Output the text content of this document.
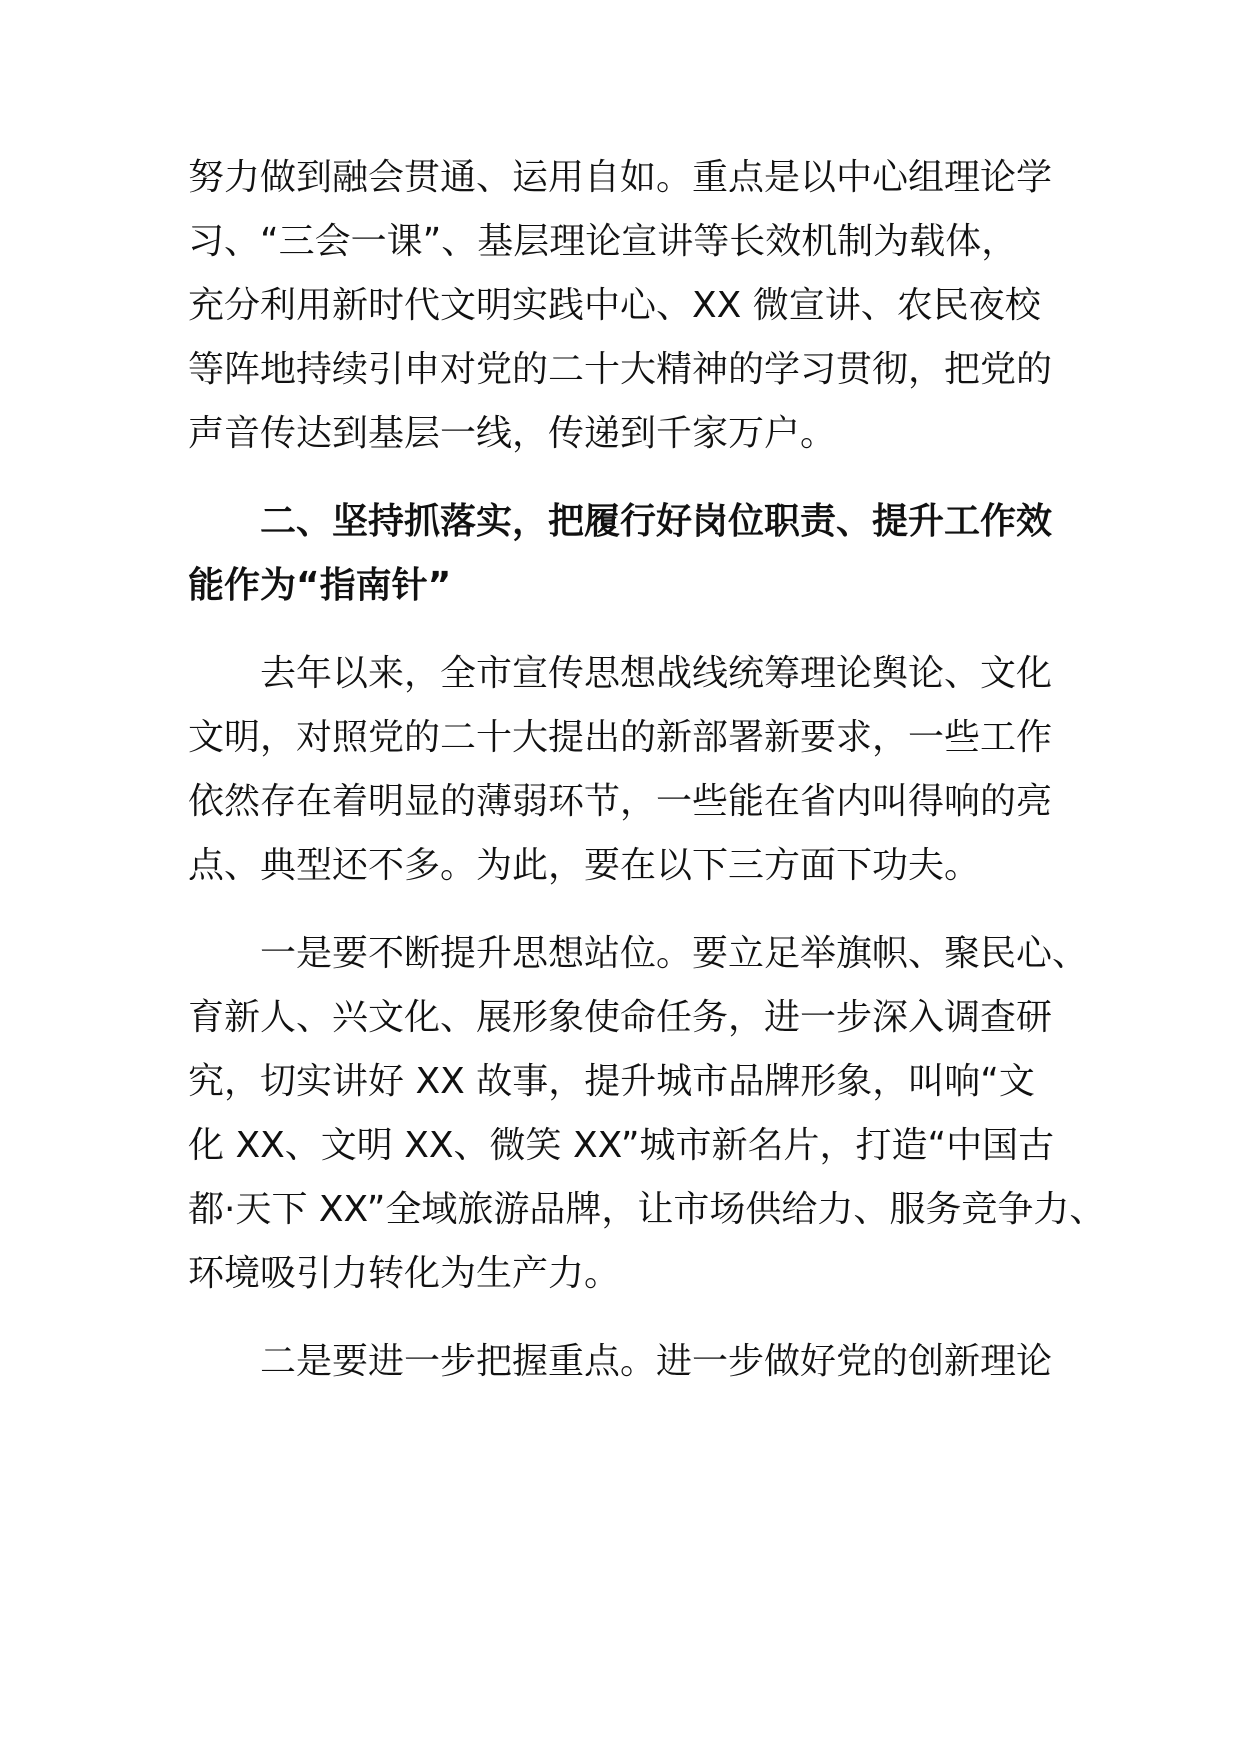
努力做到融会贯通、运用自如。重点是以中心组理论学
习、“三会一课”、基层理论宣讲等长效机制为载体，
充分利用新时代文明实践中心、XX 微宣讲、农民夜校
等阵地持续引申对党的二十大精神的学习贯彻，把党的
声音传达到基层一线，传递到千家万户。
二、坚持抓落实，把履行好岗位职责、提升工作效
能作为“指南针”
去年以来，全市宣传思想战线统筹理论舆论、文化
文明，对照党的二十大提出的新部署新要求，一些工作
依然存在着明显的薄弱环节，一些能在省内叫得响的亮
点、典型还不多。为此，要在以下三方面下功夫。
一是要不断提升思想站位。要立足举旗帜、聚民心、
育新人、兴文化、展形象使命任务，进一步深入调查研
究，切实讲好 XX 故事，提升城市品牌形象，叫响“文
化 XX、文明 XX、微笑 XX”城市新名片，打造“中国古
都·天下 XX”全域旅游品牌，让市场供给力、服务竞争力、
环境吸引力转化为生产力。
二是要进一步把握重点。进一步做好党的创新理论
